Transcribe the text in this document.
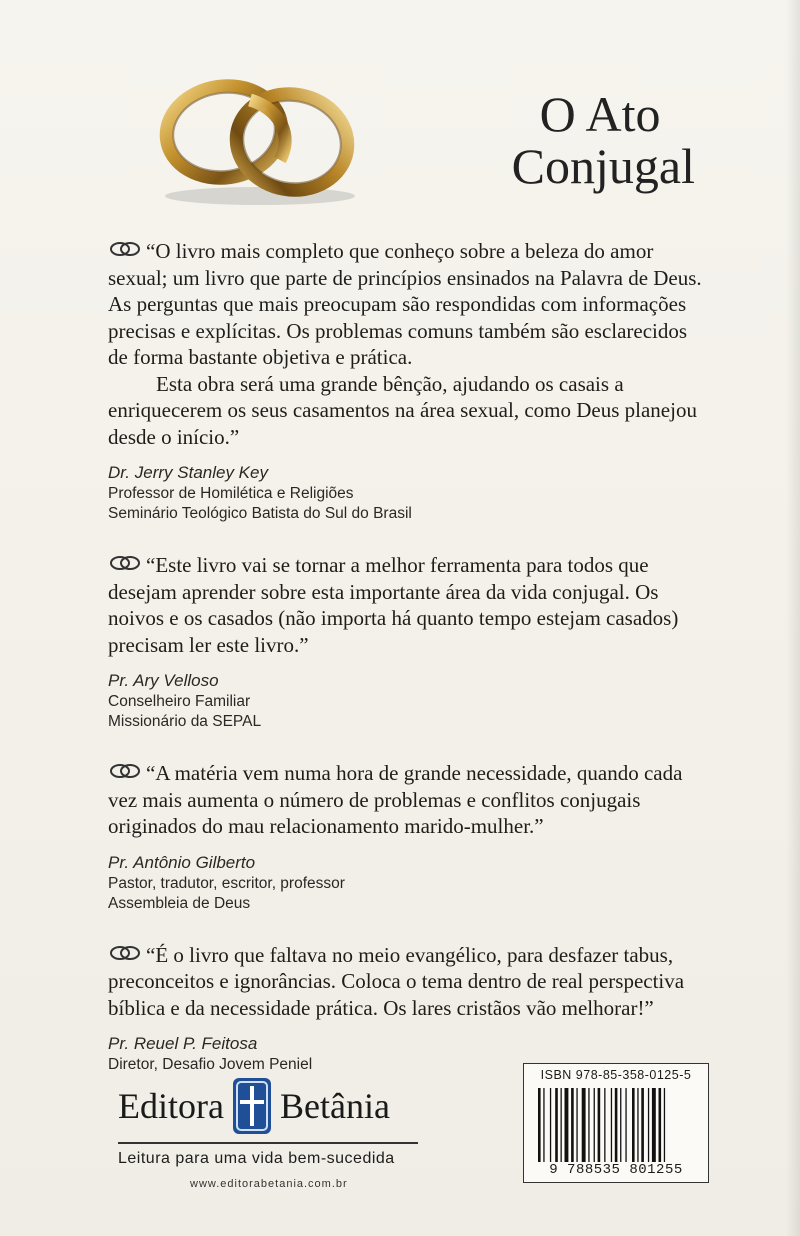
O Ato
Conjugal

“O livro mais completo que conheço sobre a beleza do amor sexual; um livro que parte de princípios ensinados na Palavra de Deus. As perguntas que mais preocupam são respondidas com informações precisas e explícitas. Os problemas comuns também são esclarecidos de forma bastante objetiva e prática.

Esta obra será uma grande bênção, ajudando os casais a enriquecerem os seus casamentos na área sexual, como Deus planejou desde o início.”

Dr. Jerry Stanley Key
Professor de Homilética e Religiões
Seminário Teológico Batista do Sul do Brasil

“Este livro vai se tornar a melhor ferramenta para todos que desejam aprender sobre esta importante área da vida conjugal. Os noivos e os casados (não importa há quanto tempo estejam casados) precisam ler este livro.”

Pr. Ary Velloso
Conselheiro Familiar
Missionário da SEPAL

“A matéria vem numa hora de grande necessidade, quando cada vez mais aumenta o número de problemas e conflitos conjugais originados do mau relacionamento marido-mulher.”

Pr. Antônio Gilberto
Pastor, tradutor, escritor, professor
Assembleia de Deus

“É o livro que faltava no meio evangélico, para desfazer tabus, preconceitos e ignorâncias. Coloca o tema dentro de real perspectiva bíblica e da necessidade prática. Os lares cristãos vão melhorar!”

Pr. Reuel P. Feitosa
Diretor, Desafio Jovem Peniel
Editora Betânia
Leitura para uma vida bem-sucedida
www.editorabetania.com.br
ISBN 978-85-358-0125-5
9 788535 801255
